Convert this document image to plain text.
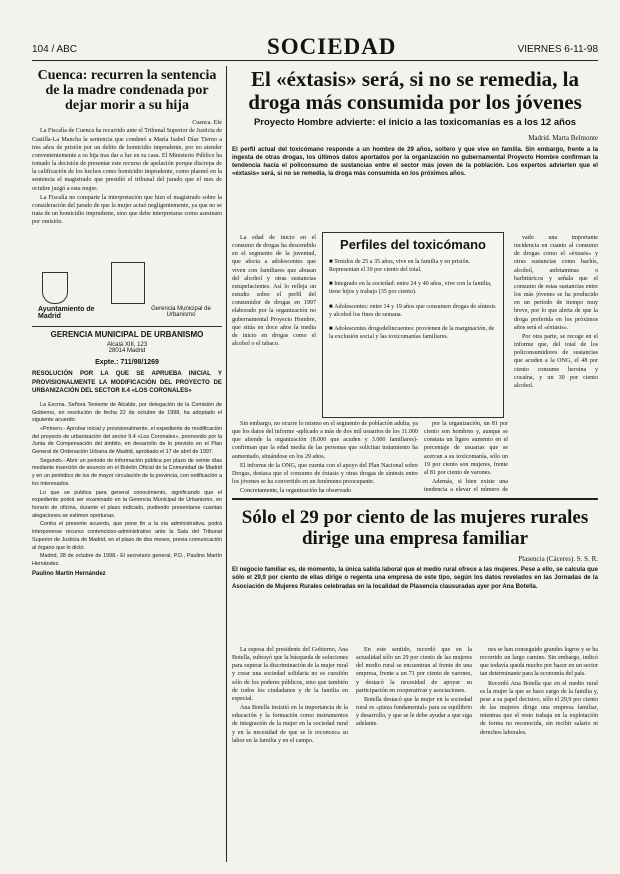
104 / ABC	SOCIEDAD	VIERNES 6-11-98
Cuenca: recurren la sentencia de la madre condenada por dejar morir a su hija
Cuenca. Efe

La Fiscalía de Cuenca ha recurrido ante el Tribunal Superior de Justicia de Castilla-La Mancha la sentencia que condenó a María Isabel Díaz Tierno a tres años de prisión por un delito de homicidio imprudente, por no atender convenientemente a su hija tras dar a luz en su casa. El Ministerio Público ha tomado la decisión de presentar este recurso de apelación porque discrepa de la calificación de los hechos como homicidio imprudente, como plasmó en la sentencia el magistrado que presidió el tribunal del jurado que el mes de octubre juzgó a esta mujer.

La Fiscalía no comparte la interpretación que hizo el magistrado sobre la consideración del jurado de que la mujer actuó negligentemente, ya que no se trata de un homicidio imprudente, sino que debe interpretarse como asesinato por omisión.

Ayuntamiento de Madrid
Gerencia Municipal de Urbanismo
GERENCIA MUNICIPAL DE URBANISMO
Alcalá XIII, 123
28014 Madrid
Expte.: 711/98/1269
RESOLUCIÓN POR LA QUE SE APRUEBA INICIAL Y PROVISIONALMENTE LA MODIFICACIÓN DEL PROYECTO DE URBANIZACIÓN DEL SECTOR II.4 «LOS CORONALES»

La Excma. Señora Teniente de Alcalde, por delegación de la Comisión de Gobierno, en resolución de fecha 22 de octubre de 1998, ha adoptado el siguiente acuerdo:

«Primero.- Aprobar inicial y provisionalmente, el expediente de modificación del proyecto de urbanización del sector II.4 «Los Coronales», promovido por la Junta de Compensación del ámbito, en desarrollo de lo previsto en el Plan General de Ordenación Urbana de Madrid, aprobado el 17 de abril de 1997.

Segundo.- Abrir un periodo de información pública por plazo de veinte días mediante inserción de anuncio en el Boletín Oficial de la Comunidad de Madrid y en un periódico de los de mayor circulación de la provincia, con notificación a los interesados.

Lo que se publica para general conocimiento, significando que el expediente podrá ser examinado en la Gerencia Municipal de Urbanismo, en horario de oficina, durante el plazo indicado, pudiendo presentarse cuantas alegaciones se estimen oportunas.

Contra el presente acuerdo, que pone fin a la vía administrativa, podrá interponerse recurso contencioso-administrativo ante la Sala del Tribunal Superior de Justicia de Madrid, en el plazo de dos meses, previa comunicación al órgano que lo dictó.

Madrid, 28 de octubre de 1998.- El secretario general, P.D., Paulino Martín Hernández.

Paulino Martín Hernández
El «éxtasis» será, si no se remedia, la droga más consumida por los jóvenes
Proyecto Hombre advierte: el inicio a las toxicomanías es a los 12 años
Madrid. Marta Belmonte
El perfil actual del toxicómano responde a un hombre de 29 años, soltero y que vive en familia. Sin embargo, frente a la ingesta de otras drogas, los últimos datos aportados por la organización no gubernamental Proyecto Hombre confirman la tendencia hacia el policonsumo de sustancias entre el sector más joven de la población. Los expertos advierten que el «éxtasis» será, si no se remedia, la droga más consumida en los próximos años.

La edad de inicio en el consumo de drogas ha descendido en el segmento de la juventud, que afecta a adolescentes que viven con familiares que abusan del alcohol y otras sustancias estupefacientes. Así lo refleja un estudio sobre el perfil del consumidor de drogas en 1997 elaborado por la organización no gubernamental Proyecto Hombre, que sitúa en doce años la media de inicio en drogas como el alcohol o el tabaco.

Perfiles del toxicómano
■ Tenidos de 25 a 35 años, vive en la familia y en prisión. Representan el 39 por ciento del total.
■ Integrado en la sociedad: entre 24 y 40 años, vive con la familia, tiene hijos y trabajo (35 por ciento).
■ Adolescentes: entre 14 y 19 años que consumen drogas de síntesis y alcohol los fines de semana.
■ Adolescentes drogodelincuentes: provienen de la marginación, de la exclusión social y las toxicomanías familiares.

Sin embargo, no ocurre lo mismo en el segmento de población adulta, ya que los datos del informe -aplicado a más de dos mil usuarios de los 11.000 que atiende la organización (8.000 que acuden y 3.000 familiares)- confirman que la edad media de las personas que solicitan tratamiento ha aumentado, situándose en los 29 años.

El informe de la ONG, que cuenta con el apoyo del Plan Nacional sobre Drogas, destaca que el consumo de éxtasis y otras drogas de síntesis entre los jóvenes se ha convertido en un fenómeno preocupante.

Concretamente, la organización ha observado

por la organización, un 81 por ciento son hombres y, aunque se constata un ligero aumento en el porcentaje de usuarias que se acercan a su toxicomanía, sólo un 19 por ciento son mujeres, frente al 81 por ciento de varones.

Además, si bien existe una tendencia a elevar el número de

vado una importante incidencia en cuanto al consumo de drogas como el «éxtasis» y otras sustancias como hachís, alcohol, anfetaminas o barbitúricos y señala que el consumo de estas sustancias entre los más jóvenes se ha producido en un periodo de tiempo muy breve, por lo que alerta de que la droga preferida en los próximos años será el «éxtasis».

Por otra parte, se recoge en el informe que, del total de los policonsumidores de sustancias que acuden a la ONG, el 48 por ciento consume heroína y cocaína, y un 30 por ciento alcohol.

Sólo el 29 por ciento de las mujeres rurales dirige una empresa familiar
Plasencia (Cáceres). S. S. R.
El negocio familiar es, de momento, la única salida laboral que el medio rural ofrece a las mujeres. Pese a ello, se calcula que sólo el 29,9 por ciento de ellas dirige o regenta una empresa de este tipo, según los datos revelados en las Jornadas de la Asociación de Mujeres Rurales celebradas en la localidad de Plasencia clausuradas ayer por Ana Botella.

La esposa del presidente del Gobierno, Ana Botella, subrayó que la búsqueda de soluciones para superar la discriminación de la mujer rural y crear una sociedad solidaria no es cuestión sólo de los poderes públicos, sino que también de todos los ciudadanos y de la familia en especial.

Ana Botella insistió en la importancia de la educación y la formación como instrumentos de integración de la mujer en la sociedad rural y en la necesidad de que se le reconozca su labor en la familia y en el campo.

En este sentido, recordó que en la actualidad sólo un 29 por ciento de las mujeres del medio rural se encuentran al frente de una empresa, frente a un 71 por ciento de varones, y destacó la necesidad de apoyar su participación en cooperativas y asociaciones.

Botella destacó que la mujer en la sociedad rural es «pieza fundamental» para su equilibrio y desarrollo, y que se le debe ayudar a que siga adelante.

nes se han conseguido grandes logros y se ha recorrido un largo camino. Sin embargo, indicó que todavía queda mucho por hacer en un sector tan determinante para la economía del país.

Recordó Ana Botella que en el medio rural es la mujer la que se hace cargo de la familia y, pese a su papel decisivo, sólo el 29,9 por ciento de las mujeres dirige una empresa familiar, mientras que el resto trabaja en la explotación de forma no reconocida, sin recibir salario ni derechos laborales.
